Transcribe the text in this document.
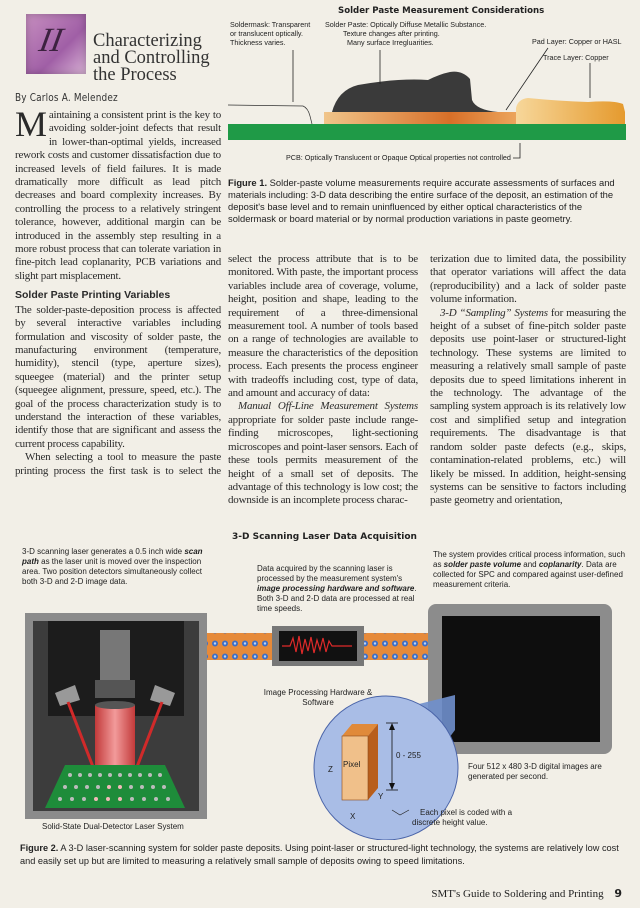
II Characterizing
and Controlling
the Process
By Carlos A. Melendez

Maintaining a consistent print is the key to avoiding solder-joint defects that result in lower-than-optimal yields, increased rework costs and customer dissatisfaction due to increased levels of field failures. It is made dramatically more difficult as lead pitch decreases and board complexity increases. By controlling the process to a relatively stringent tolerance, however, additional margin can be introduced in the assembly step resulting in a more robust process that can tolerate variation in fine-pitch lead coplanarity, PCB variations and slight part misplacement.

Solder Paste Printing Variables

The solder-paste-deposition process is affected by several interactive variables including formulation and viscosity of solder paste, the manufacturing environment (temperature, humidity), stencil (type, aperture sizes), squeegee (material) and the printer setup (squeegee alignment, pressure, speed, etc.). The goal of the process characterization study is to understand the interaction of these variables, identify those that are significant and assess the current process capability.

When selecting a tool to measure the paste printing process the first task is to select the

select the process attribute that is to be monitored. With paste, the important process variables include area of coverage, volume, height, position and shape, leading to the requirement of a three-dimensional measurement tool. A number of tools based on a range of technologies are available to measure the characteristics of the deposition process. Each presents the process engineer with tradeoffs including cost, type of data, and amount and accuracy of data:

Manual Off-Line Measurement Systems appropriate for solder paste include range-finding microscopes, light-sectioning microscopes and point-laser sensors. Each of these tools permits measurement of the height of a small set of deposits. The advantage of this technology is low cost; the downside is an incomplete process charac-

terization due to limited data, the possibility that operator variations will affect the data (reproducibility) and a lack of solder paste volume information.

3-D “Sampling” Systems for measuring the height of a subset of fine-pitch solder paste deposits use point-laser or structured-light technology. These systems are limited to measuring a relatively small sample of paste deposits due to speed limitations inherent in the technology. The advantage of the sampling system approach is its relatively low cost and simplified setup and integration requirements. The disadvantage is that random solder paste defects (e.g., skips, contamination-related problems, etc.) will likely be missed. In addition, height-sensing systems can be sensitive to factors including paste geometry and orientation,

Solder Paste Measurement Considerations
Soldermask: Transparent or translucent optically. Thickness varies.
Solder Paste: Optically Diffuse Metallic Substance.
Texture changes after printing.
Many surface Irregluarities.	Pad Layer: Copper or HASL
Trace Layer: Copper
PCB: Optically Translucent or Opaque Optical properties not controlled
Figure 1. Solder-paste volume measurements require accurate assessments of surfaces and materials including: 3-D data describing the entire surface of the deposit, an estimation of the deposit's base level and to remain uninfluenced by either optical characteristics of the soldermask or board material or by normal production variations in paste geometry.
3-D Scanning Laser Data Acquisition
3-D scanning laser generates a 0.5 inch wide scan path as the laser unit is moved over the inspection area. Two position detectors simultaneously collect both 3-D and 2-D image data.
Data acquired by the scanning laser is processed by the measurement system's image processing hardware and software. Both 3-D and 2-D data are processed at real time speeds.
The system provides critical process information, such as solder paste volume and coplanarity. Data are collected for SPC and compared against user-defined measurement criteria.
Pixel
0 - 255
Z
Y
X
Solid-State Dual-Detector Laser System
Image Processing Hardware & Software
Four 512 x 480 3-D digital images are generated per second.
Each pixel is coded with a discrete height value.
Figure 2. A 3-D laser-scanning system for solder paste deposits. Using point-laser or structured-light technology, the systems are relatively low cost and easily set up but are limited to measuring a relatively small sample of deposits owing to speed limitations.
SMT's Guide to Soldering and Printing 9
